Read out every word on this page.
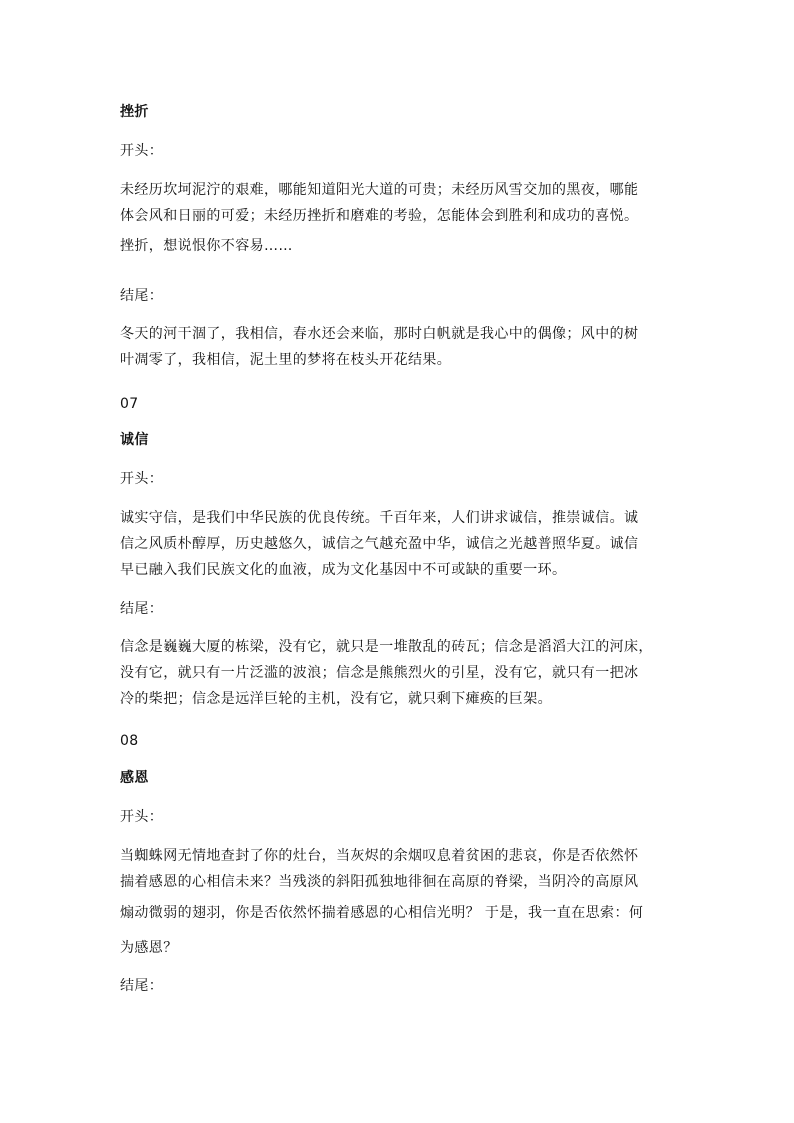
挫折
开头：
未经历坎坷泥泞的艰难，哪能知道阳光大道的可贵；未经历风雪交加的黑夜，哪能
体会风和日丽的可爱；未经历挫折和磨难的考验，怎能体会到胜利和成功的喜悦。
挫折，想说恨你不容易……
结尾：
冬天的河干涸了，我相信，春水还会来临，那时白帆就是我心中的偶像；风中的树
叶凋零了，我相信，泥土里的梦将在枝头开花结果。
07
诚信
开头：
诚实守信，是我们中华民族的优良传统。千百年来，人们讲求诚信，推崇诚信。诚
信之风质朴醇厚，历史越悠久，诚信之气越充盈中华，诚信之光越普照华夏。诚信
早已融入我们民族文化的血液，成为文化基因中不可或缺的重要一环。
结尾：
信念是巍巍大厦的栋梁，没有它，就只是一堆散乱的砖瓦；信念是滔滔大江的河床，
没有它，就只有一片泛滥的波浪；信念是熊熊烈火的引星，没有它，就只有一把冰
冷的柴把；信念是远洋巨轮的主机，没有它，就只剩下瘫痪的巨架。
08
感恩
开头：
当蜘蛛网无情地查封了你的灶台，当灰烬的余烟叹息着贫困的悲哀，你是否依然怀
揣着感恩的心相信未来？当残淡的斜阳孤独地徘徊在高原的脊梁，当阴冷的高原风
煽动微弱的翅羽，你是否依然怀揣着感恩的心相信光明？ 于是，我一直在思索：何
为感恩？
结尾：
